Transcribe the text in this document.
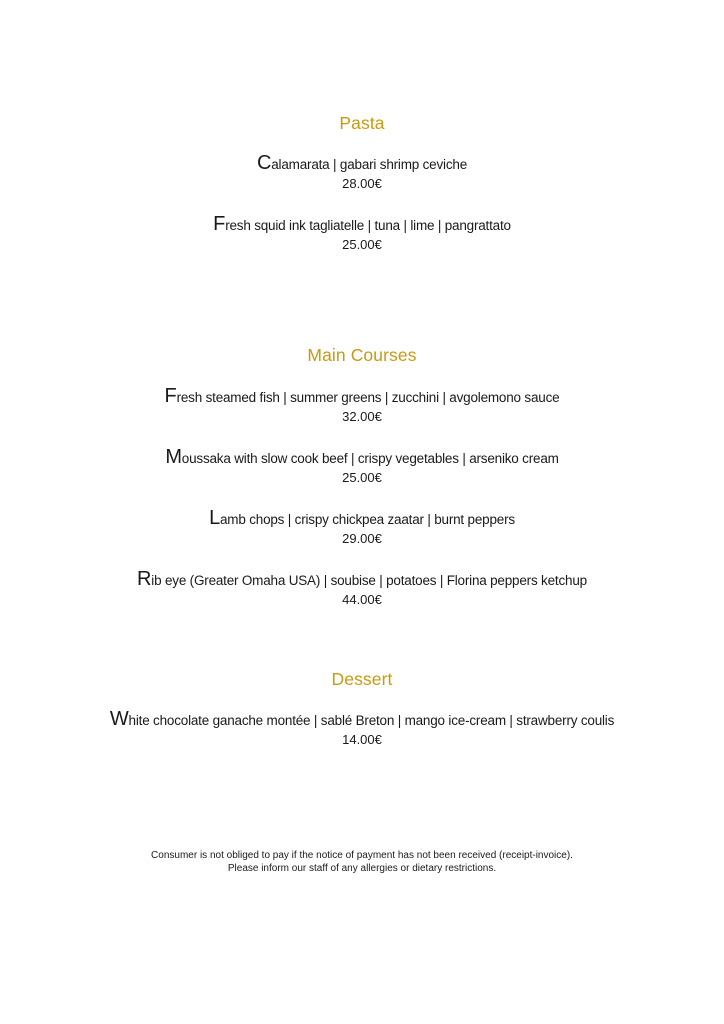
Pasta

Calamarata | gabari shrimp ceviche

28.00€

Fresh squid ink tagliatelle | tuna | lime | pangrattato

25.00€

Main Courses

Fresh steamed fish | summer greens | zucchini | avgolemono sauce

32.00€

Moussaka with slow cook beef | crispy vegetables | arseniko cream

25.00€

Lamb chops | crispy chickpea zaatar | burnt peppers

29.00€

Rib eye (Greater Omaha USA) | soubise | potatoes | Florina peppers ketchup

44.00€

Dessert

White chocolate ganache montée | sablé Breton | mango ice-cream | strawberry coulis

14.00€

Consumer is not obliged to pay if the notice of payment has not been received (receipt-invoice).

Please inform our staff of any allergies or dietary restrictions.
